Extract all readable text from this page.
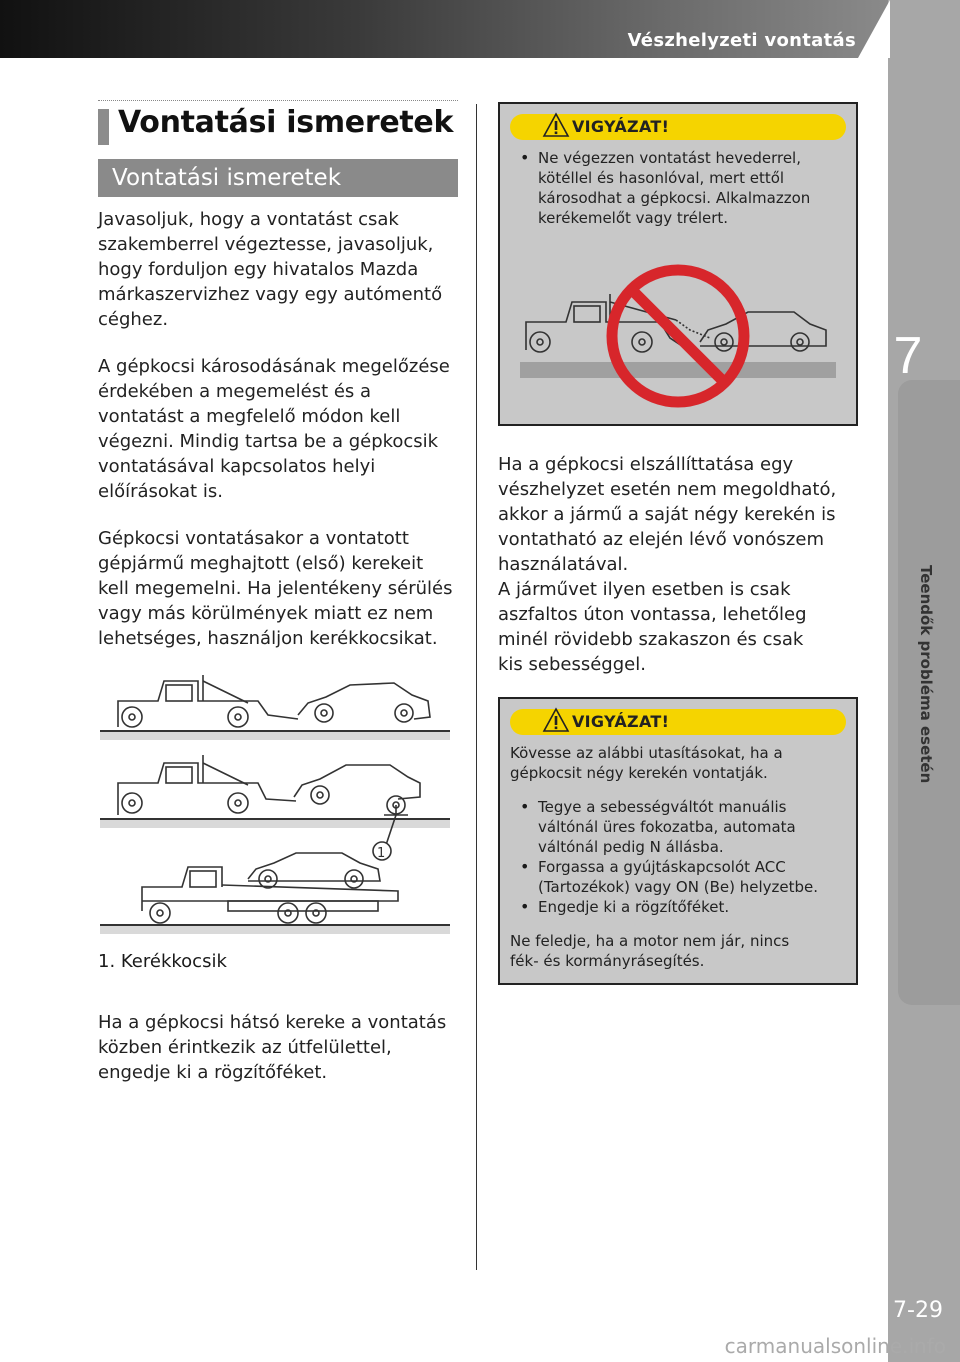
Vészhelyzeti vontatás
7
Teendők probléma esetén
7-29
Vontatási ismeretek
Vontatási ismeretek

Javasoljuk, hogy a vontatást csak

szakemberrel végeztesse, javasoljuk,

hogy forduljon egy hivatalos Mazda

márkaszervizhez vagy egy autómentő

céghez.

A gépkocsi károsodásának megelőzése

érdekében a megemelést és a

vontatást a megfelelő módon kell

végezni. Mindig tartsa be a gépkocsik

vontatásával kapcsolatos helyi

előírásokat is.

Gépkocsi vontatásakor a vontatott

gépjármű meghajtott (első) kerekeit

kell megemelni. Ha jelentékeny sérülés

vagy más körülmények miatt ez nem

lehetséges, használjon kerékkocsikat.

1
1. Kerékkocsik

Ha a gépkocsi hátsó kereke a vontatás

közben érintkezik az útfelülettel,

engedje ki a rögzítőféket.

VIGYÁZAT!

• Ne végezzen vontatást hevederrel,

kötéllel és hasonlóval, mert ettől

károsodhat a gépkocsi. Alkalmazzon

kerékemelőt vagy trélert.

Ha a gépkocsi elszállíttatása egy

vészhelyzet esetén nem megoldható,

akkor a jármű a saját négy kerekén is

vontatható az elején lévő vonószem

használatával.

A járművet ilyen esetben is csak

aszfaltos úton vontassa, lehetőleg

minél rövidebb szakaszon és csak

kis sebességgel.

VIGYÁZAT!

Kövesse az alábbi utasításokat, ha a

gépkocsit négy kerekén vontatják.

• Tegye a sebességváltót manuális

váltónál üres fokozatba, automata

váltónál pedig N állásba.

• Forgassa a gyújtáskapcsolót ACC

(Tartozékok) vagy ON (Be) helyzetbe.

• Engedje ki a rögzítőféket.

Ne feledje, ha a motor nem jár, nincs

fék- és kormányrásegítés.

carmanualsonline.info
